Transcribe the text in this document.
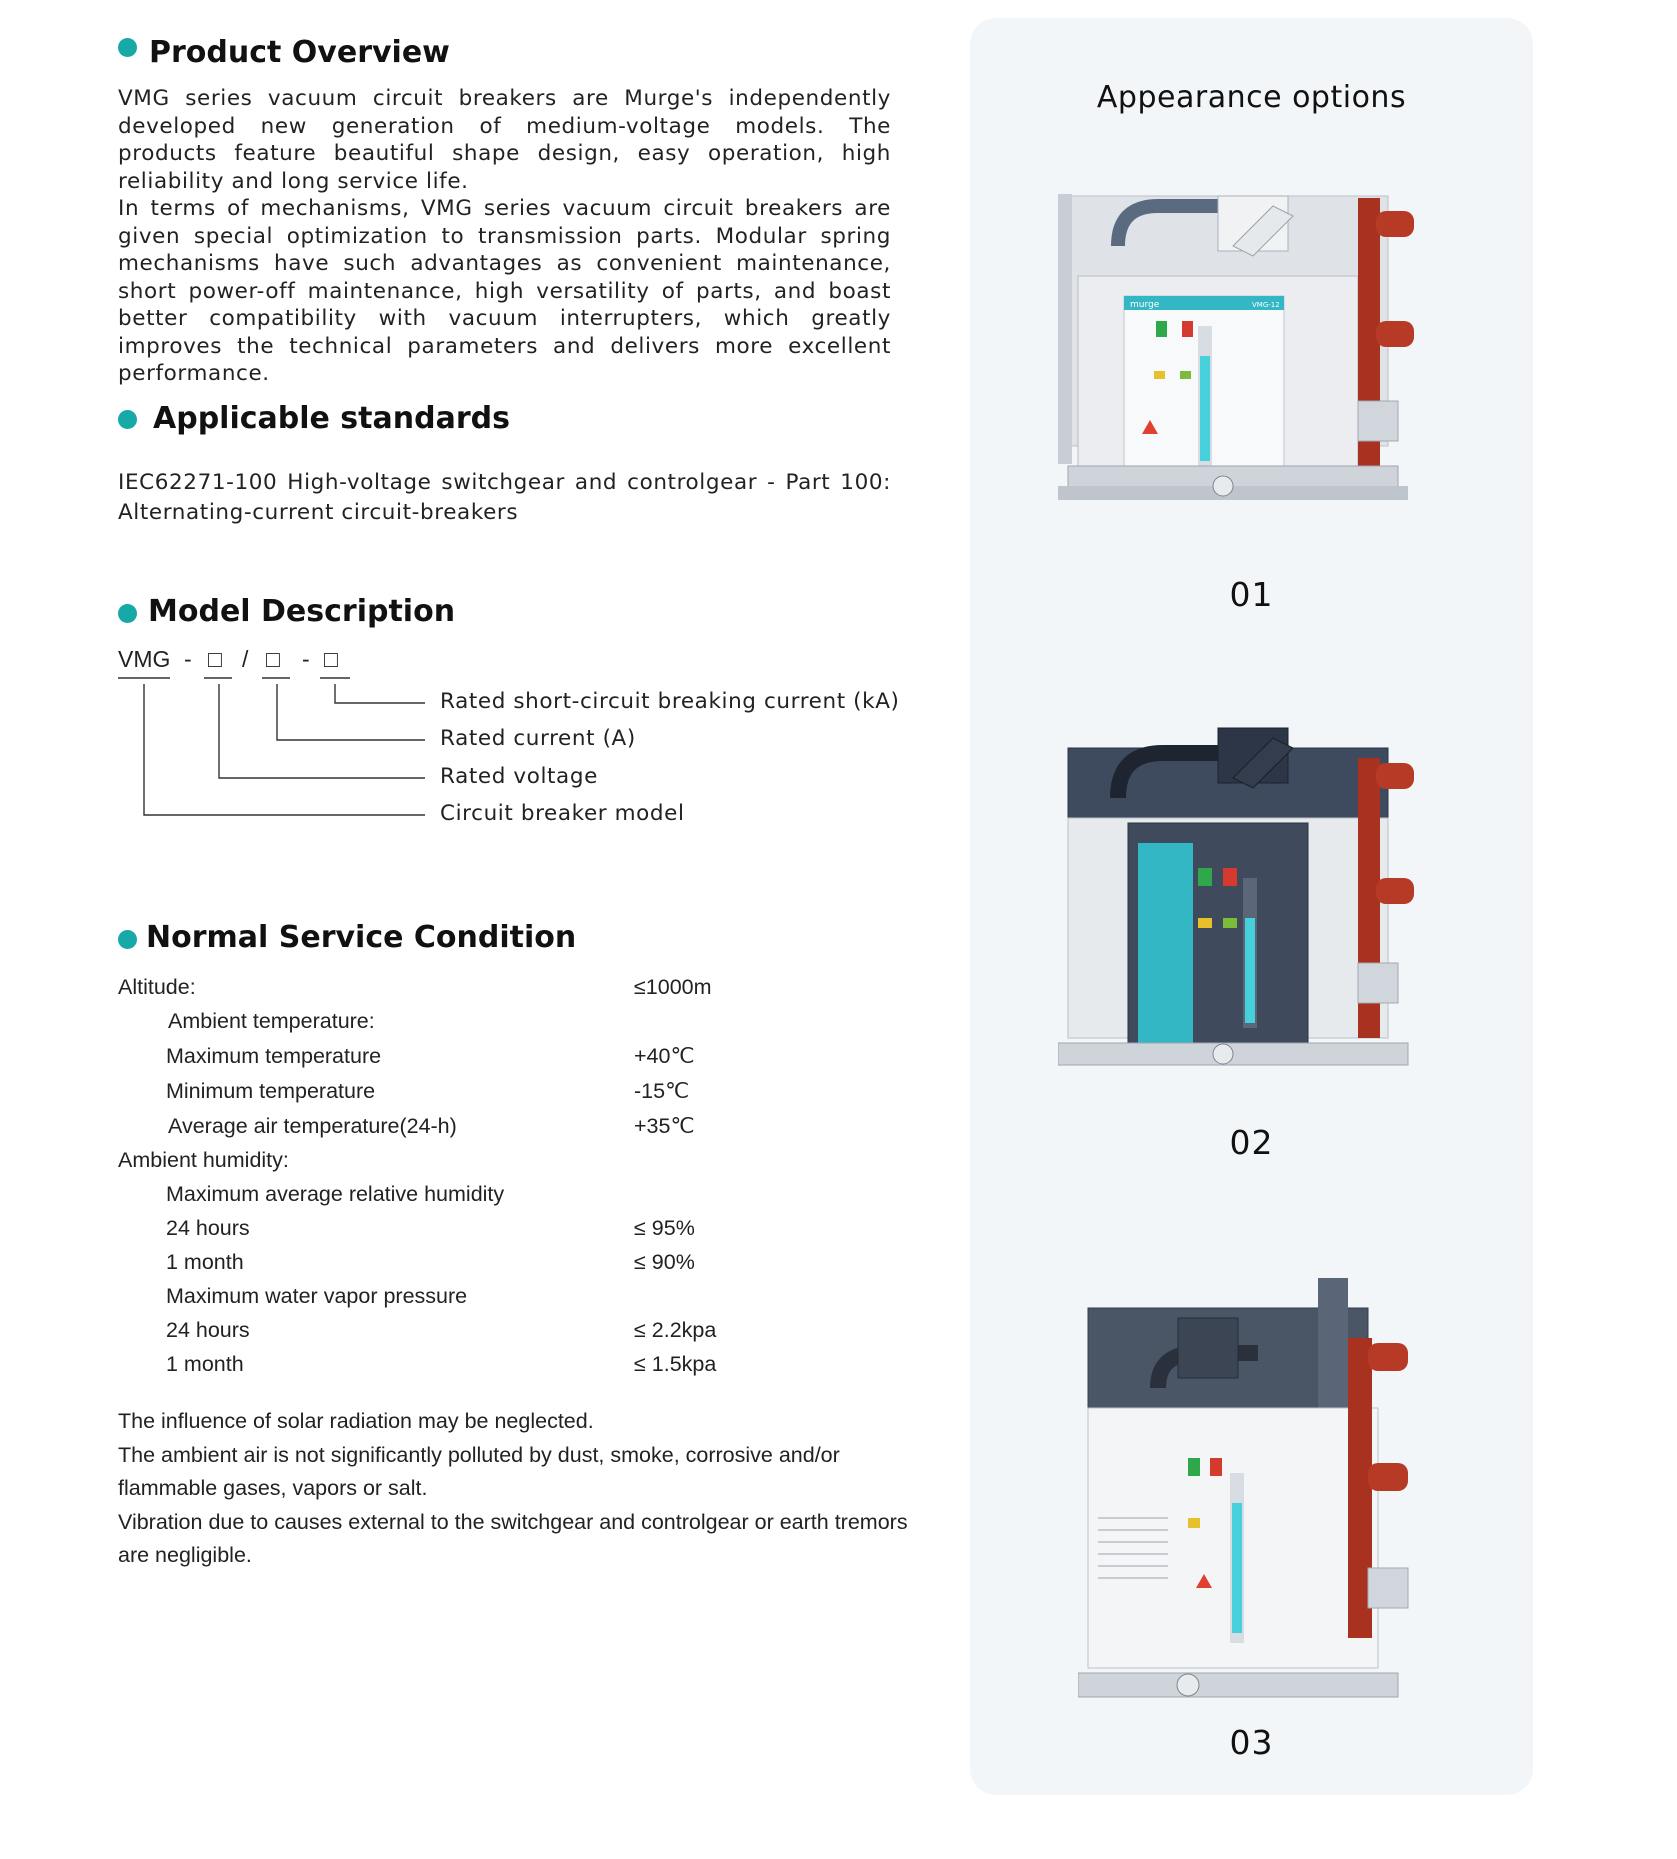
Product Overview

VMG series vacuum circuit breakers are Murge's independently developed new generation of medium-voltage models. The products feature beautiful shape design, easy operation, high reliability and long service life.

In terms of mechanisms, VMG series vacuum circuit breakers are given special optimization to transmission parts. Modular spring mechanisms have such advantages as convenient maintenance, short power-off maintenance, high versatility of parts, and boast better compatibility with vacuum interrupters, which greatly improves the technical parameters and delivers more excellent performance.

Applicable standards
IEC62271-100 High-voltage switchgear and controlgear - Part 100: Alternating-current circuit-breakers
Model Description
VMG - □ / □ - □
Rated short-circuit breaking current (kA)
Rated current (A)
Rated voltage
Circuit breaker model
Normal Service Condition
Altitude:	≤1000m
Ambient temperature:
Maximum temperature	+40℃
Minimum temperature	-15℃
Average air temperature(24-h)	+35℃
Ambient humidity:
Maximum average relative humidity
24 hours	≤ 95%
1 month	≤ 90%
Maximum water vapor pressure
24 hours	≤ 2.2kpa
1 month	≤ 1.5kpa

The influence of solar radiation may be neglected.

The ambient air is not significantly polluted by dust, smoke, corrosive and/or flammable gases, vapors or salt.

Vibration due to causes external to the switchgear and controlgear or earth tremors are negligible.

Appearance options
murge	VMG-12
01
02
03
